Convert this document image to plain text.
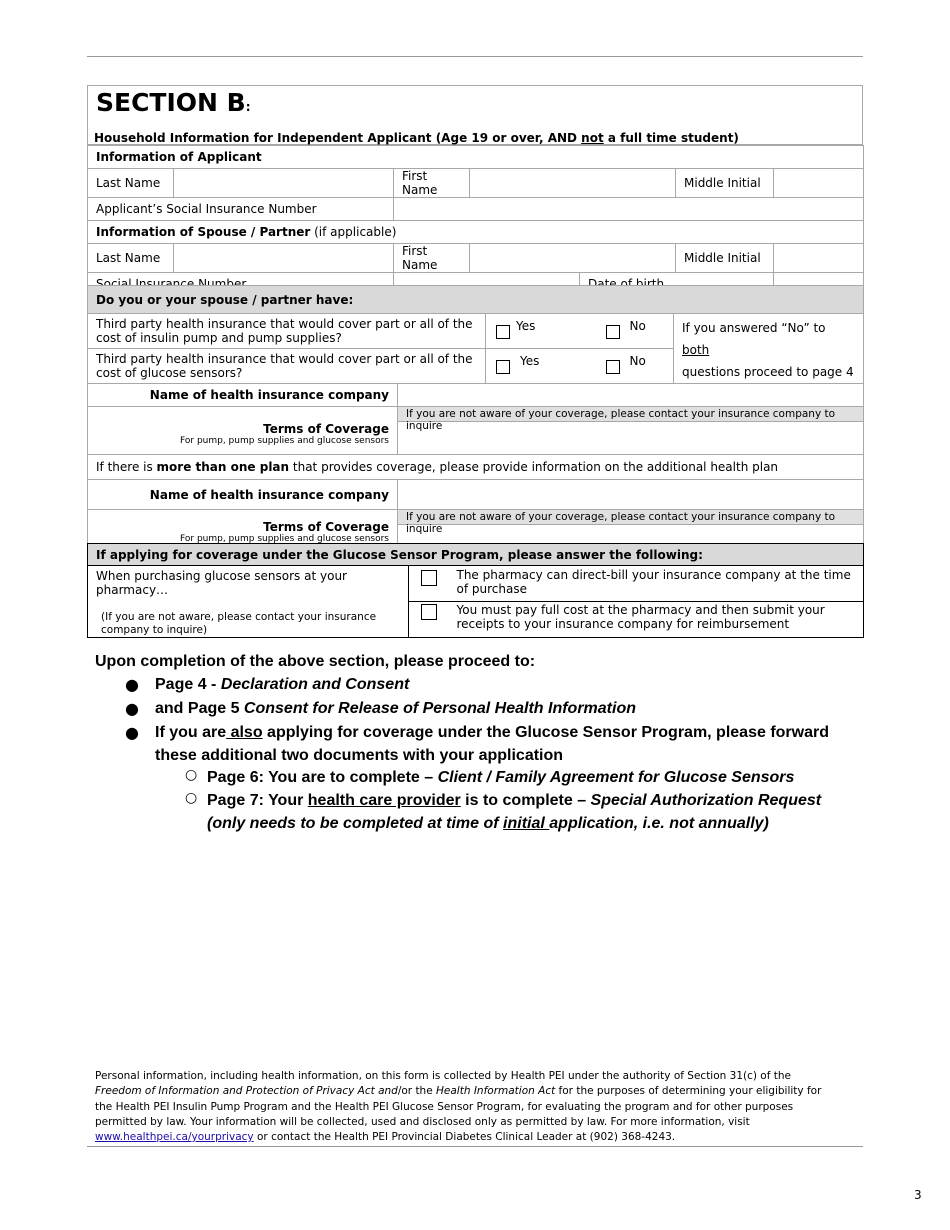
SECTION B:
Household Information for Independent Applicant (Age 19 or over, AND not a full time student)
Information of Applicant						
Last Name		First Name			Middle Initial	
Applicant’s Social Insurance Number						
Information of Spouse / Partner (if applicable)						
Last Name		First Name			Middle Initial	
Social Insurance Number				Date of birth		
Do you or your spouse / partner have:				
Third party health insurance that would cover part or all of the cost of insulin pump and pump supplies?		Yes	No	If you answered “No” to both
questions proceed to page 4
Third party health insurance that would cover part or all of the cost of glucose sensors?		Yes	No	
Name of health insurance company				
Terms of Coverage
For pump, pump supplies and glucose sensors	If you are not aware of your coverage, please contact your insurance company to inquire			

If there is more than one plan that provides coverage, please provide information on the additional health plan				
Name of health insurance company				
Terms of Coverage
For pump, pump supplies and glucose sensors	If you are not aware of your coverage, please contact your insurance company to inquire			
If applying for coverage under the Glucose Sensor Program, please answer the following:		

When purchasing glucose sensors at your pharmacy…
(If you are not aware, please contact your insurance company to inquire)		The pharmacy can direct-bill your insurance company at the time of purchase
		You must pay full cost at the pharmacy and then submit your receipts to your insurance company for reimbursement
Upon completion of the above section, please proceed to:
● Page 4 - Declaration and Consent
● and Page 5 Consent for Release of Personal Health Information
● If you are also applying for coverage under the Glucose Sensor Program, please forward
these additional two documents with your application
○ Page 6: You are to complete – Client / Family Agreement for Glucose Sensors
○ Page 7: Your health care provider is to complete – Special Authorization Request
(only needs to be completed at time of initial application, i.e. not annually)
Personal information, including health information, on this form is collected by Health PEI under the authority of Section 31(c) of the Freedom of Information and Protection of Privacy Act and/or the Health Information Act for the purposes of determining your eligibility for the Health PEI Insulin Pump Program and the Health PEI Glucose Sensor Program, for evaluating the program and for other purposes permitted by law. Your information will be collected, used and disclosed only as permitted by law. For more information, visit www.healthpei.ca/yourprivacy or contact the Health PEI Provincial Diabetes Clinical Leader at (902) 368-4243.
3
